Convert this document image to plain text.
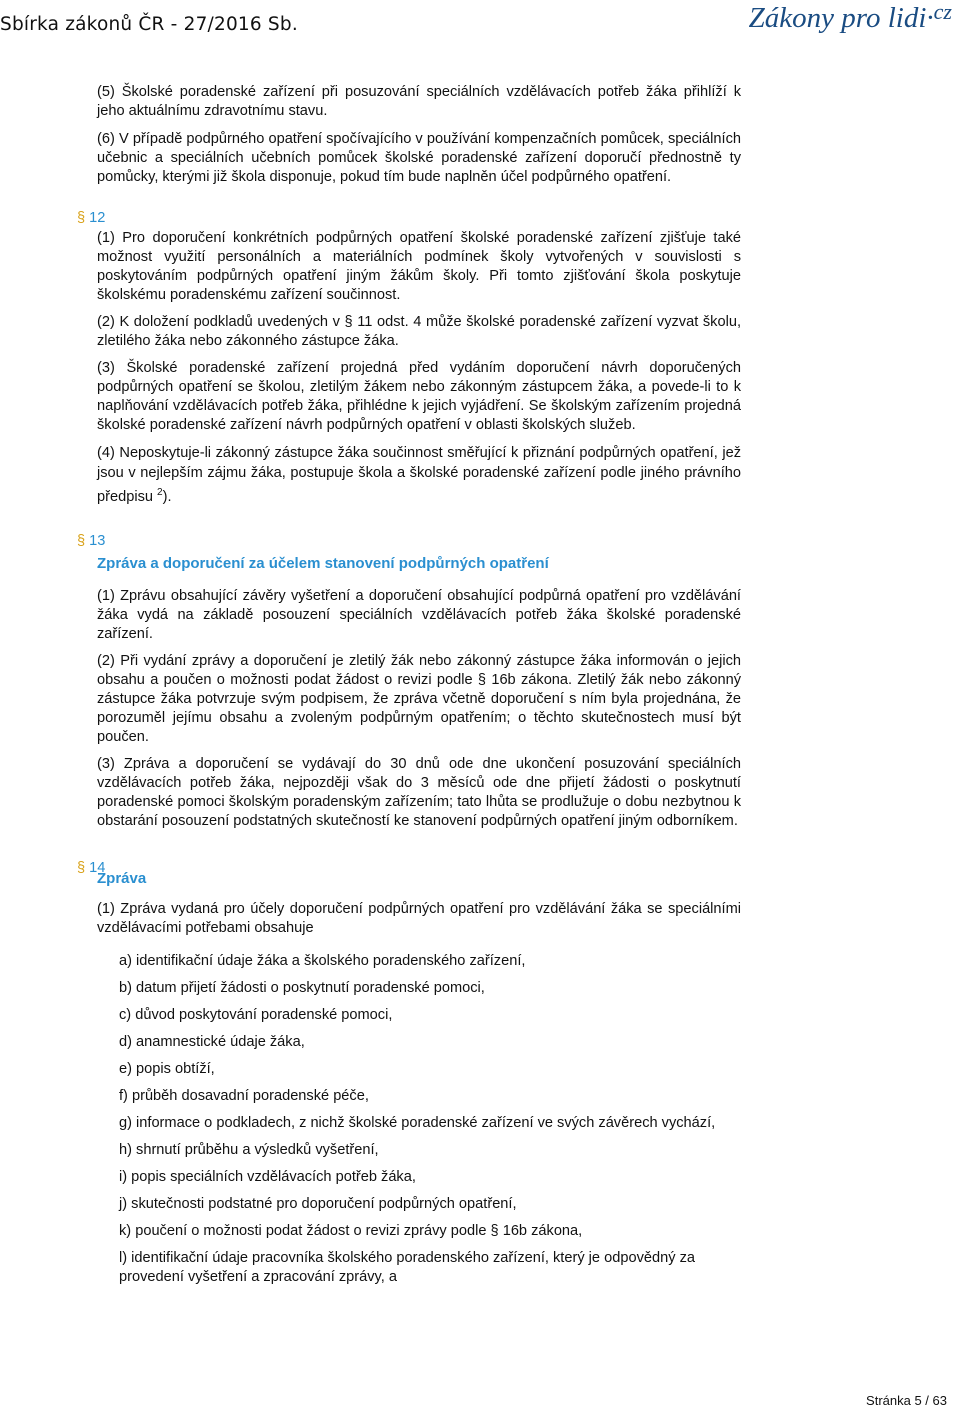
Sbírka zákonů ČR - 27/2016 Sb.	Zákony pro lidi·$^{cz}$
§ 12
§ 13
§ 14

(5) Školské poradenské zařízení při posuzování speciálních vzdělávacích potřeb žáka přihlíží k jeho aktuálnímu zdravotnímu stavu.

(6) V případě podpůrného opatření spočívajícího v používání kompenzačních pomůcek, speciálních učebnic a speciálních učebních pomůcek školské poradenské zařízení doporučí přednostně ty pomůcky, kterými již škola disponuje, pokud tím bude naplněn účel podpůrného opatření.

(1) Pro doporučení konkrétních podpůrných opatření školské poradenské zařízení zjišťuje také možnost využití personálních a materiálních podmínek školy vytvořených v souvislosti s poskytováním podpůrných opatření jiným žákům školy. Při tomto zjišťování škola poskytuje školskému poradenskému zařízení součinnost.

(2) K doložení podkladů uvedených v § 11 odst. 4 může školské poradenské zařízení vyzvat školu, zletilého žáka nebo zákonného zástupce žáka.

(3) Školské poradenské zařízení projedná před vydáním doporučení návrh doporučených podpůrných opatření se školou, zletilým žákem nebo zákonným zástupcem žáka, a povede-li to k naplňování vzdělávacích potřeb žáka, přihlédne k jejich vyjádření. Se školským zařízením projedná školské poradenské zařízení návrh podpůrných opatření v oblasti školských služeb.

(4) Neposkytuje-li zákonný zástupce žáka součinnost směřující k přiznání podpůrných opatření, jež jsou v nejlepším zájmu žáka, postupuje škola a školské poradenské zařízení podle jiného právního předpisu $^2$).

Zpráva a doporučení za účelem stanovení podpůrných opatření

(1) Zprávu obsahující závěry vyšetření a doporučení obsahující podpůrná opatření pro vzdělávání žáka vydá na základě posouzení speciálních vzdělávacích potřeb žáka školské poradenské zařízení.

(2) Při vydání zprávy a doporučení je zletilý žák nebo zákonný zástupce žáka informován o jejich obsahu a poučen o možnosti podat žádost o revizi podle § 16b zákona. Zletilý žák nebo zákonný zástupce žáka potvrzuje svým podpisem, že zpráva včetně doporučení s ním byla projednána, že porozuměl jejímu obsahu a zvoleným podpůrným opatřením; o těchto skutečnostech musí být poučen.

(3) Zpráva a doporučení se vydávají do 30 dnů ode dne ukončení posuzování speciálních vzdělávacích potřeb žáka, nejpozději však do 3 měsíců ode dne přijetí žádosti o poskytnutí poradenské pomoci školským poradenským zařízením; tato lhůta se prodlužuje o dobu nezbytnou k obstarání posouzení podstatných skutečností ke stanovení podpůrných opatření jiným odborníkem.

Zpráva

(1) Zpráva vydaná pro účely doporučení podpůrných opatření pro vzdělávání žáka se speciálními vzdělávacími potřebami obsahuje

a) identifikační údaje žáka a školského poradenského zařízení,
b) datum přijetí žádosti o poskytnutí poradenské pomoci,
c) důvod poskytování poradenské pomoci,
d) anamnestické údaje žáka,
e) popis obtíží,
f) průběh dosavadní poradenské péče,
g) informace o podkladech, z nichž školské poradenské zařízení ve svých závěrech vychází,
h) shrnutí průběhu a výsledků vyšetření,
i) popis speciálních vzdělávacích potřeb žáka,
j) skutečnosti podstatné pro doporučení podpůrných opatření,
k) poučení o možnosti podat žádost o revizi zprávy podle § 16b zákona,
l) identifikační údaje pracovníka školského poradenského zařízení, který je odpovědný za provedení vyšetření a zpracování zprávy, a
Stránka 5 / 63
